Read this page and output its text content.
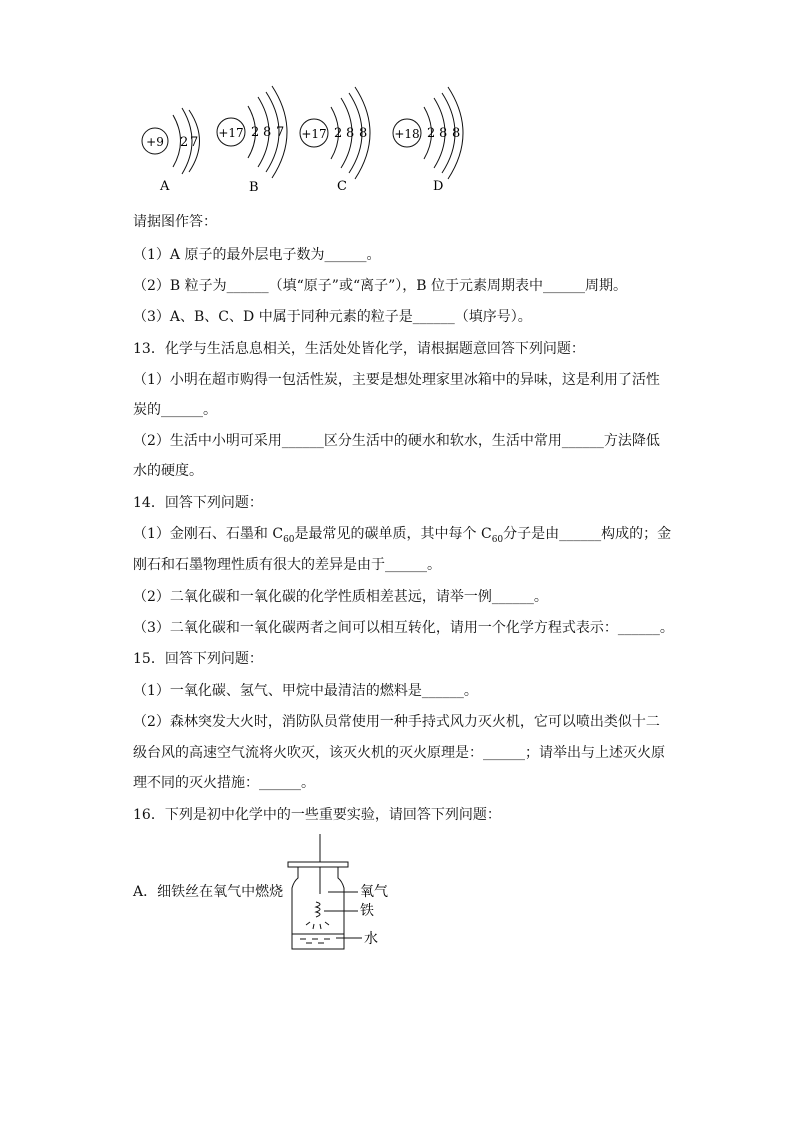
+9 2 7
A
+17 2 8 7
B
+17 2 8 8
C
+18 2 8 8
D
请据图作答：
（1）A 原子的最外层电子数为______。
（2）B 粒子为______（填“原子”或“离子”），B 位于元素周期表中______周期。
（3）A、B、C、D 中属于同种元素的粒子是______（填序号）。
13．化学与生活息息相关，生活处处皆化学，请根据题意回答下列问题：
（1）小明在超市购得一包活性炭，主要是想处理家里冰箱中的异味，这是利用了活性
炭的______。
（2）生活中小明可采用______区分生活中的硬水和软水，生活中常用______方法降低
水的硬度。
14．回答下列问题：
（1）金刚石、石墨和 $C_{60}$是最常见的碳单质，其中每个 $C_{60}$分子是由______构成的；金
刚石和石墨物理性质有很大的差异是由于______。
（2）二氧化碳和一氧化碳的化学性质相差甚远，请举一例______。
（3）二氧化碳和一氧化碳两者之间可以相互转化，请用一个化学方程式表示：______。
15．回答下列问题：
（1）一氧化碳、氢气、甲烷中最清洁的燃料是______。
（2）森林突发大火时，消防队员常使用一种手持式风力灭火机，它可以喷出类似十二
级台风的高速空气流将火吹灭，该灭火机的灭火原理是：______；请举出与上述灭火原
理不同的灭火措施：______。
16．下列是初中化学中的一些重要实验，请回答下列问题：
A．细铁丝在氧气中燃烧	氧气
铁
水
